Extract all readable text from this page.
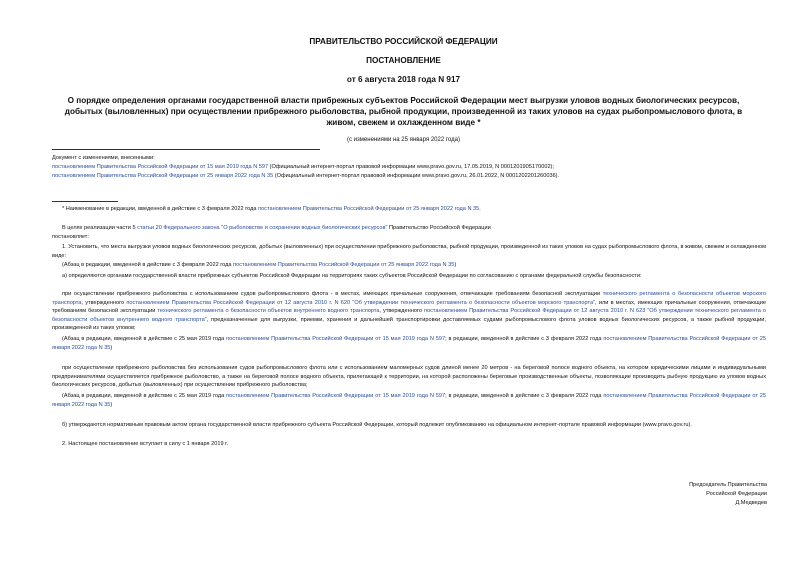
ПРАВИТЕЛЬСТВО РОССИЙСКОЙ ФЕДЕРАЦИИ
ПОСТАНОВЛЕНИЕ
от 6 августа 2018 года N 917
О порядке определения органами государственной власти прибрежных субъектов Российской Федерации мест выгрузки уловов водных биологических ресурсов, добытых (выловленных) при осуществлении прибрежного рыболовства, рыбной продукции, произведенной из таких уловов на судах рыбопромыслового флота, в живом, свежем и охлажденном виде *
(с изменениями на 25 января 2022 года)

Документ с изменениями, внесенными:

постановлением Правительства Российской Федерации от 15 мая 2019 года N 597 (Официальный интернет-портал правовой информации www.pravo.gov.ru, 17.05.2019, N 0001201905170002);

постановлением Правительства Российской Федерации от 25 января 2022 года N 35 (Официальный интернет-портал правовой информации www.pravo.gov.ru, 26.01.2022, N 0001202201260036).

* Наименование в редакции, введенной в действие с 3 февраля 2022 года постановлением Правительства Российской Федерации от 25 января 2022 года N 35.

В целях реализации части 5 статьи 20 Федерального закона "О рыболовстве и сохранении водных биологических ресурсов" Правительство Российской Федерации

постановляет:

1. Установить, что места выгрузки уловов водных биологических ресурсов, добытых (выловленных) при осуществлении прибрежного рыболовства, рыбной продукции, произведенной из таких уловов на судах рыбопромыслового флота, в живом, свежем и охлажденном виде:

(Абзац в редакции, введенной в действие с 3 февраля 2022 года постановлением Правительства Российской Федерации от 25 января 2022 года N 35)

а) определяются органами государственной власти прибрежных субъектов Российской Федерации на территориях таких субъектов Российской Федерации по согласованию с органами федеральной службы безопасности:

при осуществлении прибрежного рыболовства с использованием судов рыбопромыслового флота - в местах, имеющих причальные сооружения, отвечающие требованиям безопасной эксплуатации технического регламента о безопасности объектов морского транспорта, утвержденного постановлением Правительства Российской Федерации от 12 августа 2010 г. N 620 "Об утверждении технического регламента о безопасности объектов морского транспорта", или в местах, имеющих причальные сооружения, отвечающие требованиям безопасной эксплуатации технического регламента о безопасности объектов внутреннего водного транспорта, утвержденного постановлением Правительства Российской Федерации от 12 августа 2010 г. N 623 "Об утверждении технического регламента о безопасности объектов внутреннего водного транспорта", предназначенные для выгрузки, приемки, хранения и дальнейшей транспортировки доставляемых судами рыбопромыслового флота уловов водных биологических ресурсов, а также рыбной продукции, произведенной из таких уловов;

(Абзац в редакции, введенной в действие с 25 мая 2019 года постановлением Правительства Российской Федерации от 15 мая 2019 года N 597; в редакции, введенной в действие с 3 февраля 2022 года постановлением Правительства Российской Федерации от 25 января 2022 года N 35)

при осуществлении прибрежного рыболовства без использования судов рыбопромыслового флота или с использованием маломерных судов длиной менее 20 метров - на береговой полосе водного объекта, на котором юридическими лицами и индивидуальными предпринимателями осуществляется прибрежное рыболовство, а также на береговой полосе водного объекта, прилегающей к территории, на которой расположены береговые производственные объекты, позволяющие производить рыбную продукцию из уловов водных биологических ресурсов, добытых (выловленных) при осуществлении прибрежного рыболовства;

(Абзац в редакции, введенной в действие с 25 мая 2019 года постановлением Правительства Российской Федерации от 15 мая 2019 года N 597; в редакции, введенной в действие с 3 февраля 2022 года постановлением Правительства Российской Федерации от 25 января 2022 года N 35)

б) утверждаются нормативным правовым актом органа государственной власти прибрежного субъекта Российской Федерации, который подлежит опубликованию на официальном интернет-портале правовой информации (www.pravo.gov.ru).

2. Настоящее постановление вступает в силу с 1 января 2019 г.

Председатель Правительства
Российской Федерации
Д.Медведев
